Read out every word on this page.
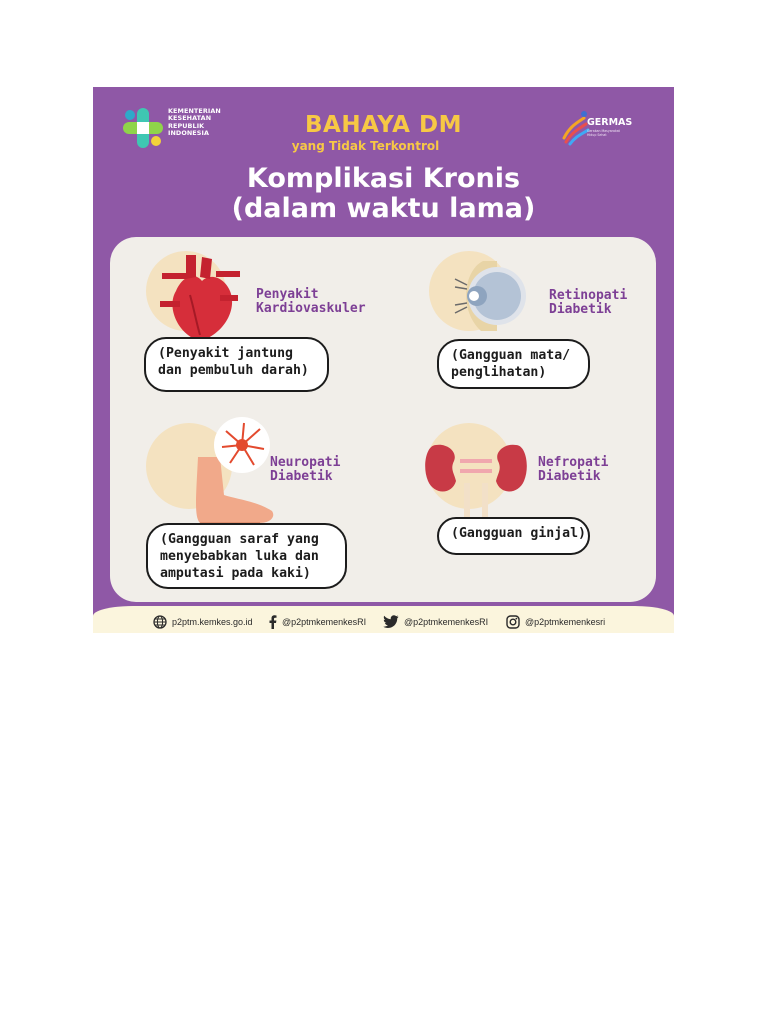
KEMENTERIAN
KESEHATAN
REPUBLIK
INDONESIA
GERMAS
Gerakan Masyarakat Hidup Sehat
BAHAYA DM
yang Tidak Terkontrol
Komplikasi Kronis
(dalam waktu lama)
Penyakit
Kardiovaskuler
(Penyakit jantung
dan pembuluh darah)
Retinopati
Diabetik
(Gangguan mata/
penglihatan)
Neuropati
Diabetik
(Gangguan saraf yang
menyebabkan luka dan
amputasi pada kaki)
Nefropati
Diabetik
(Gangguan ginjal)
p2ptm.kemkes.go.id	@p2ptmkemenkesRI	@p2ptmkemenkesRI	@p2ptmkemenkesri
